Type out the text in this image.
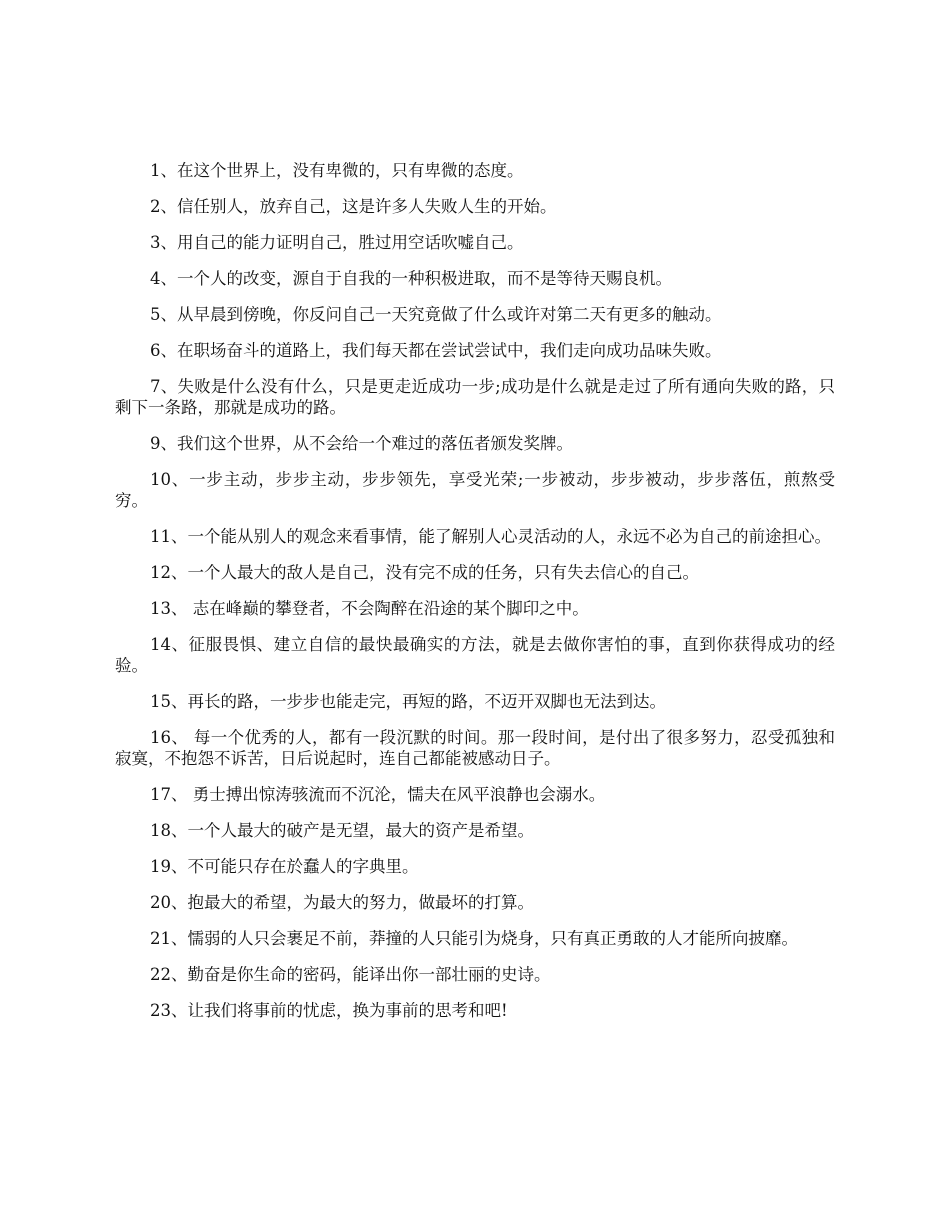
1、在这个世界上，没有卑微的，只有卑微的态度。

2、信任别人，放弃自己，这是许多人失败人生的开始。

3、用自己的能力证明自己，胜过用空话吹嘘自己。

4、一个人的改变，源自于自我的一种积极进取，而不是等待天赐良机。

5、从早晨到傍晚，你反问自己一天究竟做了什么或许对第二天有更多的触动。

6、在职场奋斗的道路上，我们每天都在尝试尝试中，我们走向成功品味失败。

7、失败是什么没有什么，只是更走近成功一步;成功是什么就是走过了所有通向失败的路，只剩下一条路，那就是成功的路。

9、我们这个世界，从不会给一个难过的落伍者颁发奖牌。

10、一步主动，步步主动，步步领先，享受光荣;一步被动，步步被动，步步落伍，煎熬受穷。

11、一个能从别人的观念来看事情，能了解别人心灵活动的人，永远不必为自己的前途担心。

12、一个人最大的敌人是自己，没有完不成的任务，只有失去信心的自己。

13、 志在峰巅的攀登者，不会陶醉在沿途的某个脚印之中。

14、征服畏惧、建立自信的最快最确实的方法，就是去做你害怕的事，直到你获得成功的经验。

15、再长的路，一步步也能走完，再短的路，不迈开双脚也无法到达。

16、 每一个优秀的人，都有一段沉默的时间。那一段时间，是付出了很多努力，忍受孤独和寂寞，不抱怨不诉苦，日后说起时，连自己都能被感动日子。

17、 勇士搏出惊涛骇流而不沉沦，懦夫在风平浪静也会溺水。

18、一个人最大的破产是无望，最大的资产是希望。

19、不可能只存在於蠢人的字典里。

20、抱最大的希望，为最大的努力，做最坏的打算。

21、懦弱的人只会裹足不前，莽撞的人只能引为烧身，只有真正勇敢的人才能所向披靡。

22、勤奋是你生命的密码，能译出你一部壮丽的史诗。

23、让我们将事前的忧虑，换为事前的思考和吧!
